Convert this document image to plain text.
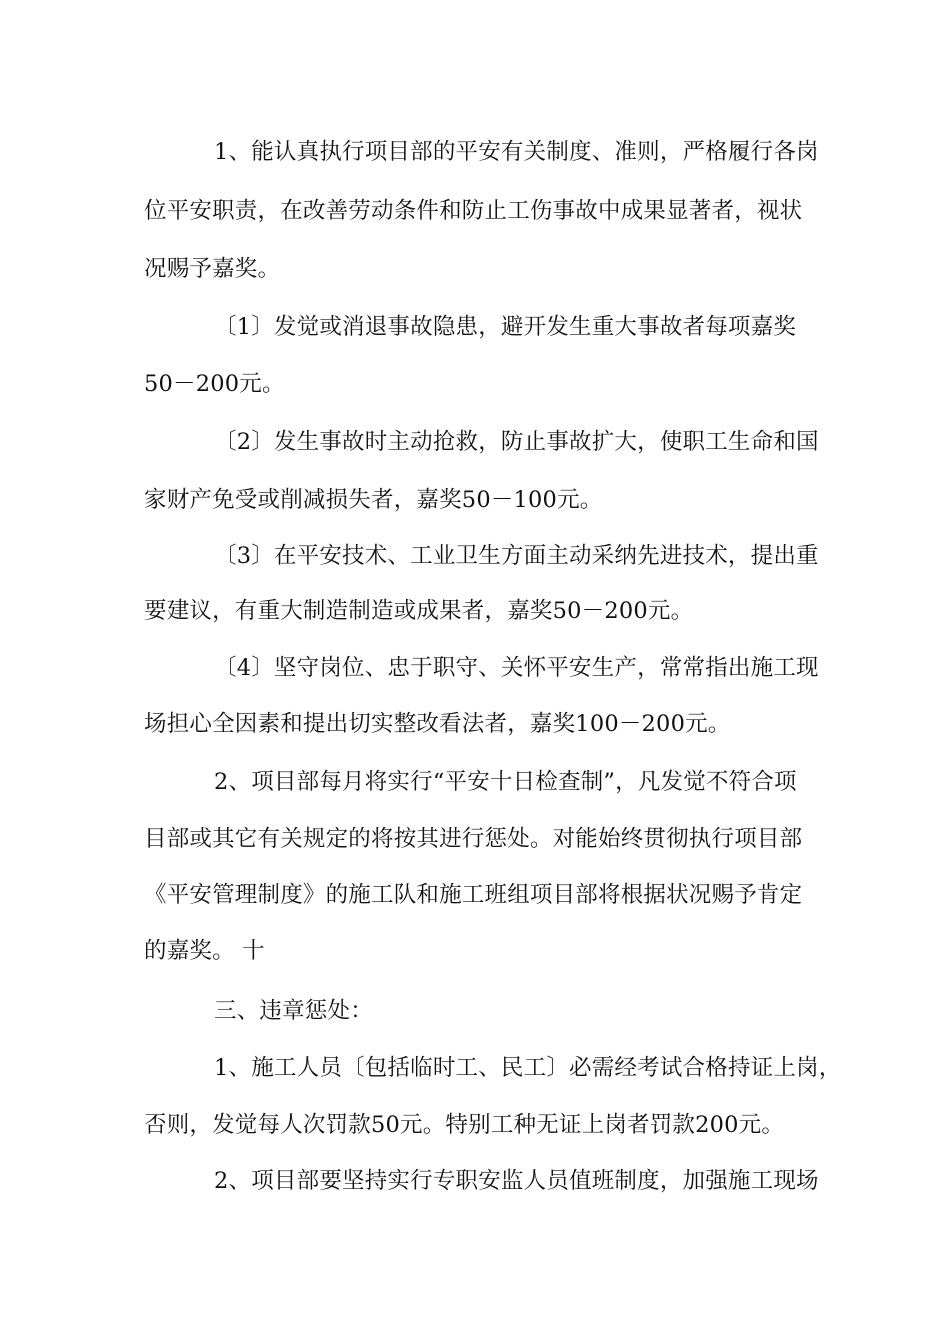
1、能认真执行项目部的平安有关制度、准则，严格履行各岗
位平安职责，在改善劳动条件和防止工伤事故中成果显著者，视状
况赐予嘉奖。
〔1〕发觉或消退事故隐患，避开发生重大事故者每项嘉奖
50－200元。
〔2〕发生事故时主动抢救，防止事故扩大，使职工生命和国
家财产免受或削减损失者，嘉奖50－100元。
〔3〕在平安技术、工业卫生方面主动采纳先进技术，提出重
要建议，有重大制造制造或成果者，嘉奖50－200元。
〔4〕坚守岗位、忠于职守、关怀平安生产，常常指出施工现
场担心全因素和提出切实整改看法者，嘉奖100－200元。
2、项目部每月将实行“平安十日检查制”，凡发觉不符合项
目部或其它有关规定的将按其进行惩处。对能始终贯彻执行项目部
《平安管理制度》的施工队和施工班组项目部将根据状况赐予肯定
的嘉奖。 十
三、违章惩处：
1、施工人员〔包括临时工、民工〕必需经考试合格持证上岗，
否则，发觉每人次罚款50元。特别工种无证上岗者罚款200元。
2、项目部要坚持实行专职安监人员值班制度，加强施工现场
